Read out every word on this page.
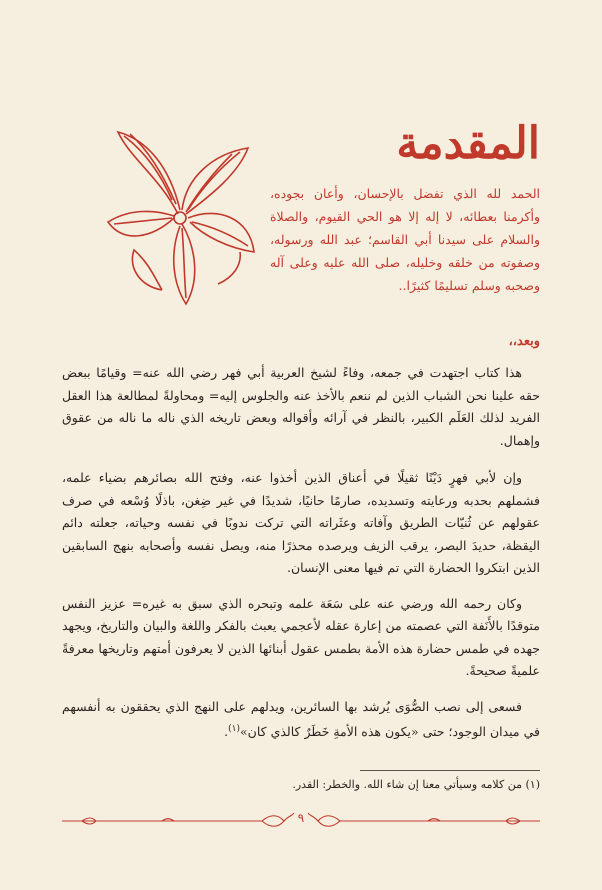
المقدمة

الحمد لله الذي تفضل بالإحسان، وأعان بجوده، وأكرمنا بعطائه، لا إله إلا هو الحي القيوم، والصلاة والسلام على سيدنا أبي القاسم؛ عبد الله ورسوله، وصفوته من خلقه وخليله، صلى الله عليه وعلى آله وصحبه وسلم تسليمًا كثيرًا..

وبعد،،

هذا كتاب اجتهدت في جمعه، وفاءً لشيخ العربية أبي فهر رضي الله عنه= وقيامًا ببعض حقه علينا نحن الشباب الذين لم ننعم بالأخذ عنه والجلوس إليه= ومحاولةً لمطالعة هذا العقل الفريد لذلك العَلَم الكبير، بالنظر في آرائه وأقواله وبعض تاريخه الذي ناله ما ناله من عقوق وإهمال.

وإن لأبي فهرٍ دَيْنًا ثقيلًا في أعناق الذين أخذوا عنه، وفتح الله بصائرهم بضياء علمه، فشملهم بحدبه ورعايته وتسديده، صارمًا حانيًا، شديدًا في غير ضِغن، باذلًا وُسْعه في صرف عقولهم عن ثُنيّات الطريق وآفاته وعثَراته التي تركت ندوبًا في نفسه وحياته، جعلته دائم اليقظة، حديدَ البصر، يرقب الزيف ويرصده محذرًا منه، ويصل نفسه وأصحابه بنهج السابقين الذين ابتكروا الحضارة التي تم فيها معنى الإنسان.

وكان رحمه الله ورضي عنه على سَعَة علمه وتبحره الذي سبق به غيره= عزيز النفس متوقدًا بالأَنَفة التي عصمته من إعارة عقله لأعجمي يعبث بالفكر واللغة والبيان والتاريخ، ويجهد جهده في طمس حضارة هذه الأمة بطمس عقول أبنائها الذين لا يعرفون أمتهم وتاريخها معرفةً علميةً صحيحةً.

فسعى إلى نصب الصُّوَى يُرشد بها السائرين، ويدلهم على النهج الذي يحققون به أنفسهم في ميدان الوجود؛ حتى «يكون هذه الأمةِ خَطَرٌ كالذي كان»$^{(١)}$.

(١) من كلامه وسيأتي معنا إن شاء الله. والخطر: القدر.

٩
